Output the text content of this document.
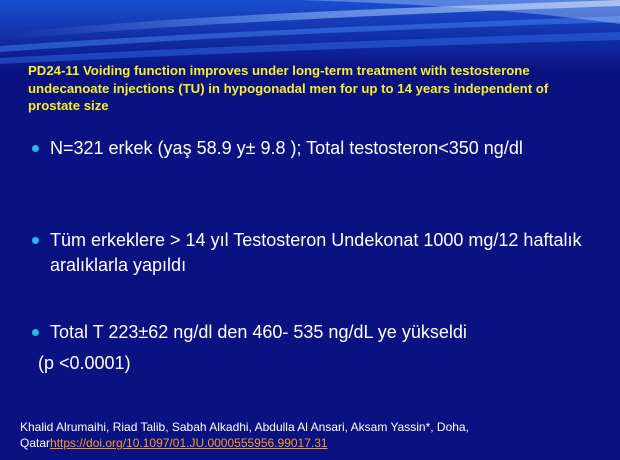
PD24-11 Voiding function improves under long-term treatment with testosterone undecanoate injections (TU) in hypogonadal men for up to 14 years independent of prostate size
N=321 erkek (yaş 58.9 y± 9.8 ); Total testosteron<350 ng/dl
Tüm erkeklere > 14 yıl Testosteron Undekonat 1000 mg/12 haftalık aralıklarla yapıldı
Total T 223±62 ng/dl den 460- 535 ng/dL ye yükseldi
(p <0.0001)
Khalid Alrumaihi, Riad Talib, Sabah Alkadhi, Abdulla Al Ansari, Aksam Yassin*, Doha, Qatarhttps://doi.org/10.1097/01.JU.0000555956.99017.31
